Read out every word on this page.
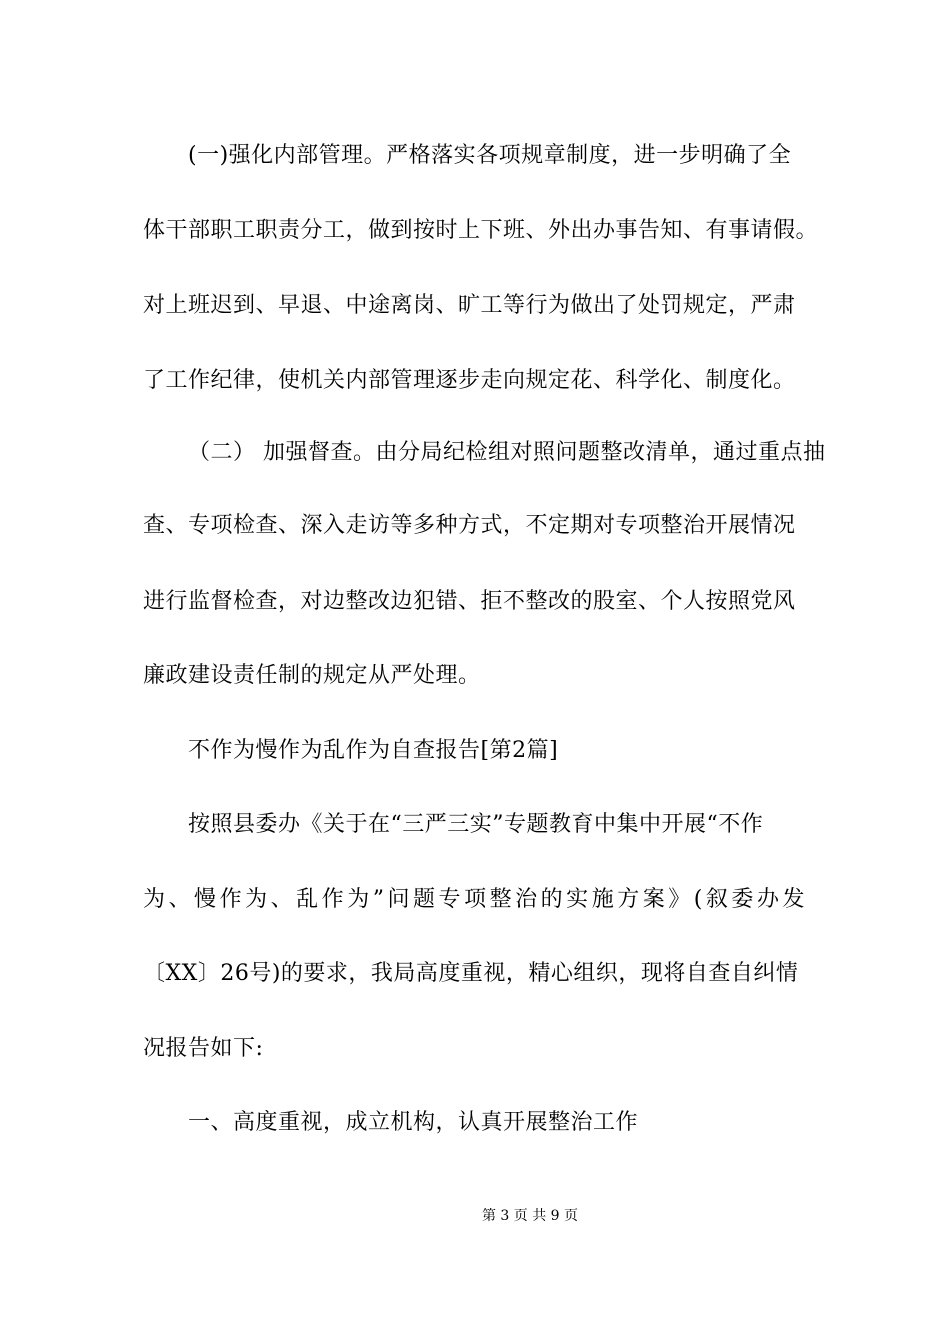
(一)强化内部管理。严格落实各项规章制度，进一步明确了全
体干部职工职责分工，做到按时上下班、外出办事告知、有事请假。
对上班迟到、早退、中途离岗、旷工等行为做出了处罚规定，严肃
了工作纪律，使机关内部管理逐步走向规定花、科学化、制度化。
（二） 加强督查。由分局纪检组对照问题整改清单，通过重点抽
查、专项检查、深入走访等多种方式，不定期对专项整治开展情况
进行监督检查，对边整改边犯错、拒不整改的股室、个人按照党风
廉政建设责任制的规定从严处理。
不作为慢作为乱作为自查报告[第2篇]
按照县委办《关于在“三严三实”专题教育中集中开展“不作
为、慢作为、乱作为”问题专项整治的实施方案》(叙委办发
〔XX〕26号)的要求，我局高度重视，精心组织，现将自查自纠情
况报告如下:
一、高度重视，成立机构，认真开展整治工作
第 3 页 共 9 页
